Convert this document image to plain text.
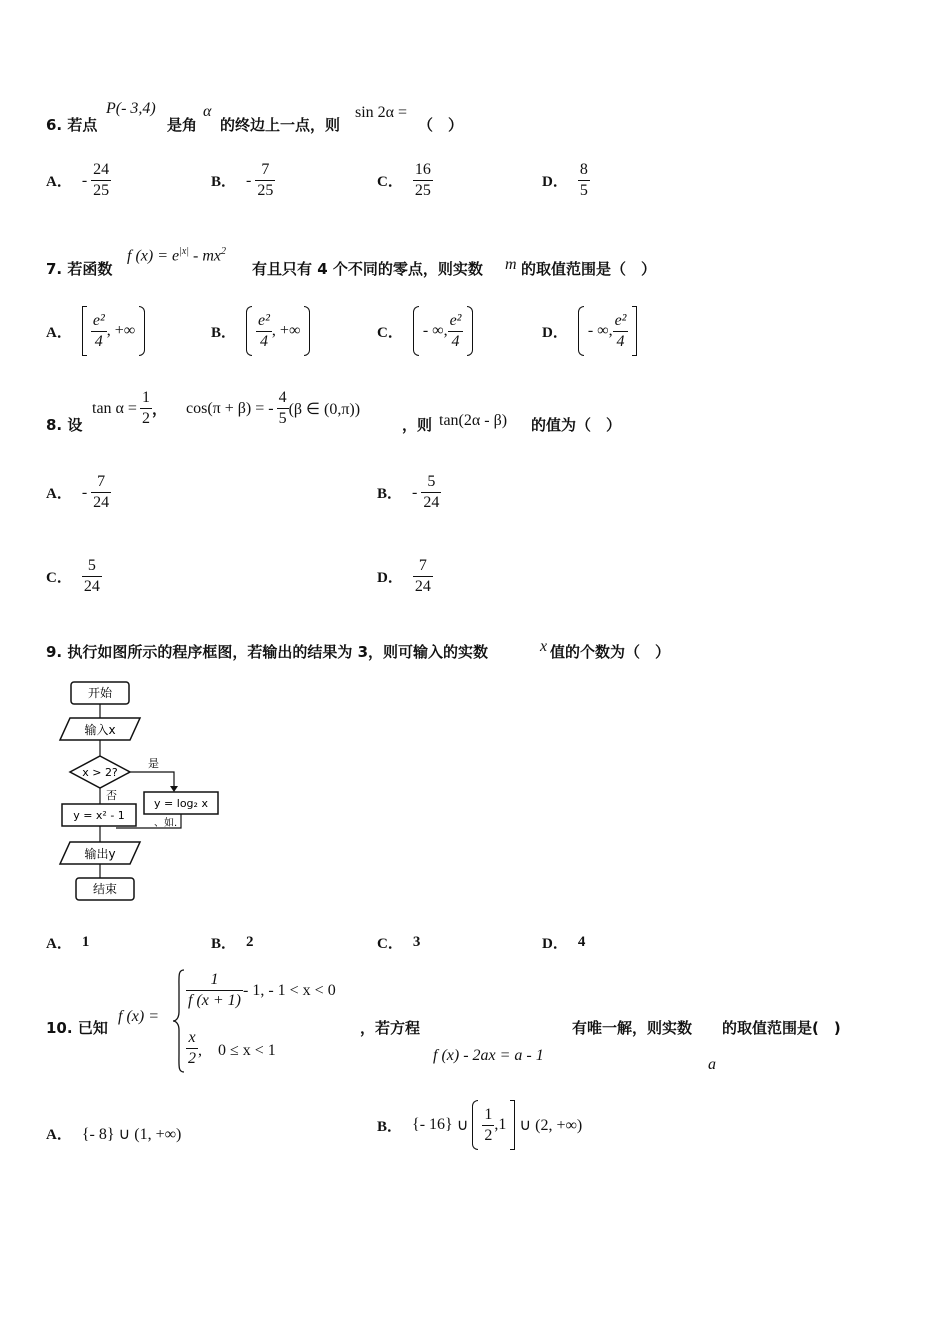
6. 若点
P(- 3,4)
是角
α
的终边上一点，则
sin 2α =
（　）
A． - $\frac{24}{25}$	B． - $\frac{7}{25}$	C． $\frac{16}{25}$	D． $\frac{8}{5}$
7. 若函数
f $(x) = e^{|x|} - mx^2$
有且只有 4 个不同的零点，则实数 m 的取值范围是（　）
A． $\frac{\text{e²}}{4}$ , +∞	B． $\frac{\text{e²}}{4}$ , +∞	C． - ∞, $\frac{\text{e²}}{4}$	D． - ∞, $\frac{\text{e²}}{4}$
8. 设
$\tan \alpha = \frac{1}{2}$ ， cos(π + β) = - $\frac{4}{5} (\beta$ ∈ (0,π))
，则 tan(2α - β) 的值为（　）
A． - $\frac{7}{24}$	B． - $\frac{5}{24}$
C． $\frac{5}{24}$	D． $\frac{7}{24}$
9. 执行如图所示的程序框图，若输出的结果为 3，则可输入的实数	x 值的个数为（　）
开始
输入x
x > 2?
是
y = log₂ x
、如.
否
y = x² - 1
输出y
结束
A． 1	B． 2	C． 3	D． 4
10. 已知
f (x) =
$\frac{1}{f (x + 1)} - 1$, - 1 < x < 0
$\frac{x}{2}$ ,　0 ≤ x < 1
，若方程
f (x) - 2ax = a - 1
有唯一解，则实数
a
的取值范围是(　)
A． {- 8} ∪ (1, +∞)	B． {- 16} ∪ $\frac{1}{2} ,1$ ∪ (2, +∞)
